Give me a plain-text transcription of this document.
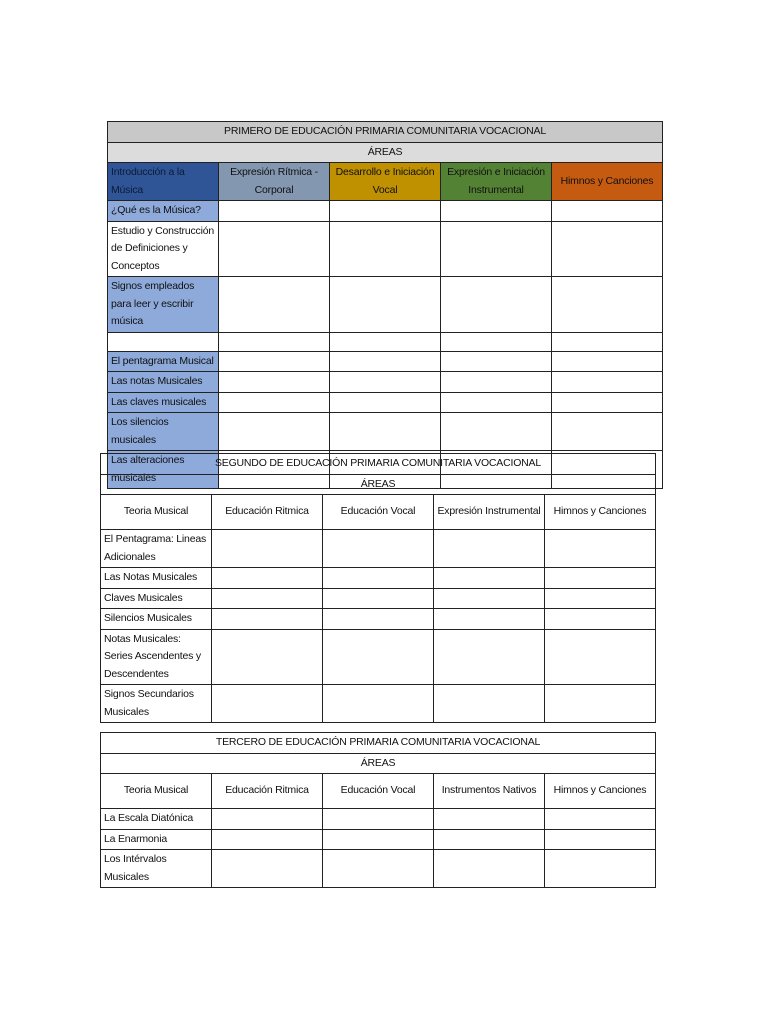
PRIMERO DE EDUCACIÓN PRIMARIA COMUNITARIA VOCACIONAL				
ÁREAS				
Introducción a la Música	Expresión Rítmica - Corporal	Desarrollo e Iniciación Vocal	Expresión e Iniciación Instrumental	Himnos y Canciones
¿Qué es la Música?				
Estudio y Construcción de Definiciones y Conceptos				
Signos empleados para leer y escribir música				

El pentagrama Musical				
Las notas Musicales				
Las claves musicales				
Los silencios musicales				
Las alteraciones musicales				
SEGUNDO DE EDUCACIÓN PRIMARIA COMUNITARIA VOCACIONAL				
ÁREAS				
Teoria Musical	Educación Ritmica	Educación Vocal	Expresión Instrumental	Himnos y Canciones
El Pentagrama: Lineas Adicionales				
Las Notas Musicales				
Claves Musicales				
Silencios Musicales				
Notas Musicales: Series Ascendentes y Descendentes				
Signos Secundarios Musicales				
TERCERO DE EDUCACIÓN PRIMARIA COMUNITARIA VOCACIONAL				
ÁREAS				
Teoria Musical	Educación Ritmica	Educación Vocal	Instrumentos Nativos	Himnos y Canciones
La Escala Diatónica				
La Enarmonia				
Los Intérvalos Musicales				
